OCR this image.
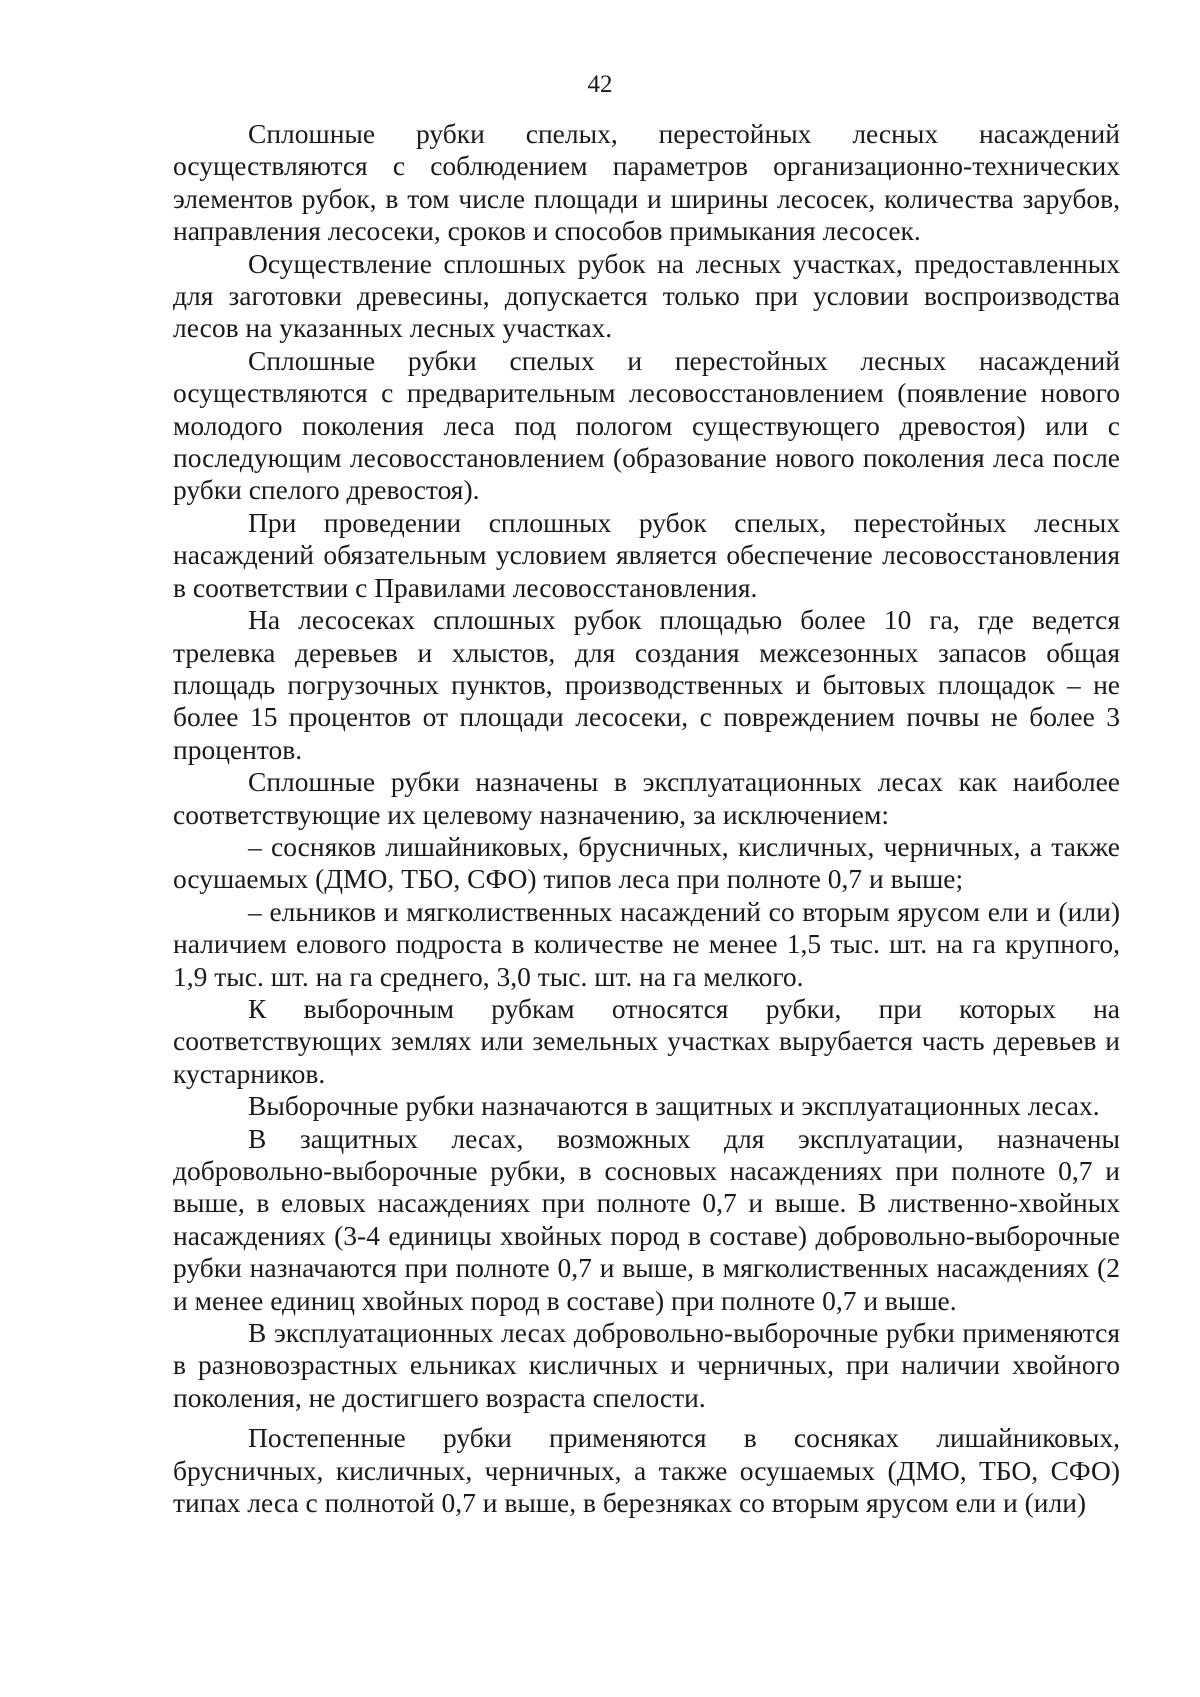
42

Сплошные рубки спелых, перестойных лесных насаждений осуществляются с соблюдением параметров организационно-технических элементов рубок, в том числе площади и ширины лесосек, количества зарубов, направления лесосеки, сроков и способов примыкания лесосек.

Осуществление сплошных рубок на лесных участках, предоставленных для заготовки древесины, допускается только при условии воспроизводства лесов на указанных лесных участках.

Сплошные рубки спелых и перестойных лесных насаждений осуществляются с предварительным лесовосстановлением (появление нового молодого поколения леса под пологом существующего древостоя) или с последующим лесовосстановлением (образование нового поколения леса после рубки спелого древостоя).

При проведении сплошных рубок спелых, перестойных лесных насаждений обязательным условием является обеспечение лесовосстановления в соответствии с Правилами лесовосстановления.

На лесосеках сплошных рубок площадью более 10 га, где ведется трелевка деревьев и хлыстов, для создания межсезонных запасов общая площадь погрузочных пунктов, производственных и бытовых площадок – не более 15 процентов от площади лесосеки, с повреждением почвы не более 3 процентов.

Сплошные рубки назначены в эксплуатационных лесах как наиболее соответствующие их целевому назначению, за исключением:

– сосняков лишайниковых, брусничных, кисличных, черничных, а также осушаемых (ДМО, ТБО, СФО) типов леса при полноте 0,7 и выше;

– ельников и мягколиственных насаждений со вторым ярусом ели и (или) наличием елового подроста в количестве не менее 1,5 тыс. шт. на га крупного, 1,9 тыс. шт. на га среднего, 3,0 тыс. шт. на га мелкого.

К выборочным рубкам относятся рубки, при которых на соответствующих землях или земельных участках вырубается часть деревьев и кустарников.

Выборочные рубки назначаются в защитных и эксплуатационных лесах.

В защитных лесах, возможных для эксплуатации, назначены добровольно-выборочные рубки, в сосновых насаждениях при полноте 0,7 и выше, в еловых насаждениях при полноте 0,7 и выше. В лиственно-хвойных насаждениях (3-4 единицы хвойных пород в составе) добровольно-выборочные рубки назначаются при полноте 0,7 и выше, в мягколиственных насаждениях (2 и менее единиц хвойных пород в составе) при полноте 0,7 и выше.

В эксплуатационных лесах добровольно-выборочные рубки применяются в разновозрастных ельниках кисличных и черничных, при наличии хвойного поколения, не достигшего возраста спелости.

Постепенные рубки применяются в сосняках лишайниковых, брусничных, кисличных, черничных, а также осушаемых (ДМО, ТБО, СФО) типах леса с полнотой 0,7 и выше, в березняках со вторым ярусом ели и (или)
